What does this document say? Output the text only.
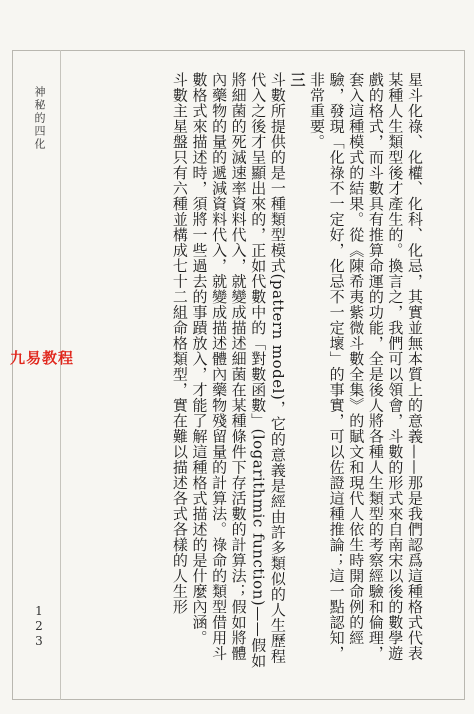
神秘的四化
123	星斗化祿、化權、化科、化忌，其實並無本質上的意義——那是我們認爲這種格式代表某種人生類型後才產生的。換言之，我們可以領會，斗數的形式來自南宋以後的數學遊戲的格式，而斗數具有推算命運的功能，全是後人將各種人生類型的考察經驗和倫理，套入這種模式的結果。從《陳希夷紫微斗數全集》的賦文和現代人依生時開命例的經驗，發現「化祿不一定好，化忌不一定壞」的事實，可以佐證這種推論；這一點認知，非常重要。

三

斗數所提供的是一種類型模式(pattern model)，它的意義是經由許多類似的人生歷程代入之後才呈顯出來的，正如代數中的「對數函數」(logarithmic function)——假如將細菌的死滅速率資料代入，就變成描述細菌在某種條件下存活數的計算法；假如將體內藥物的量的遞減資料代入，就變成描述體內藥物殘留量的計算法。祿命的類型借用斗數格式來描述時，須將一些過去的事蹟放入，才能了解這種格式描述的是什麼內涵。

斗數主星盤只有六種並構成七十二組命格類型，實在難以描述各式各樣的人生形

九易教程
